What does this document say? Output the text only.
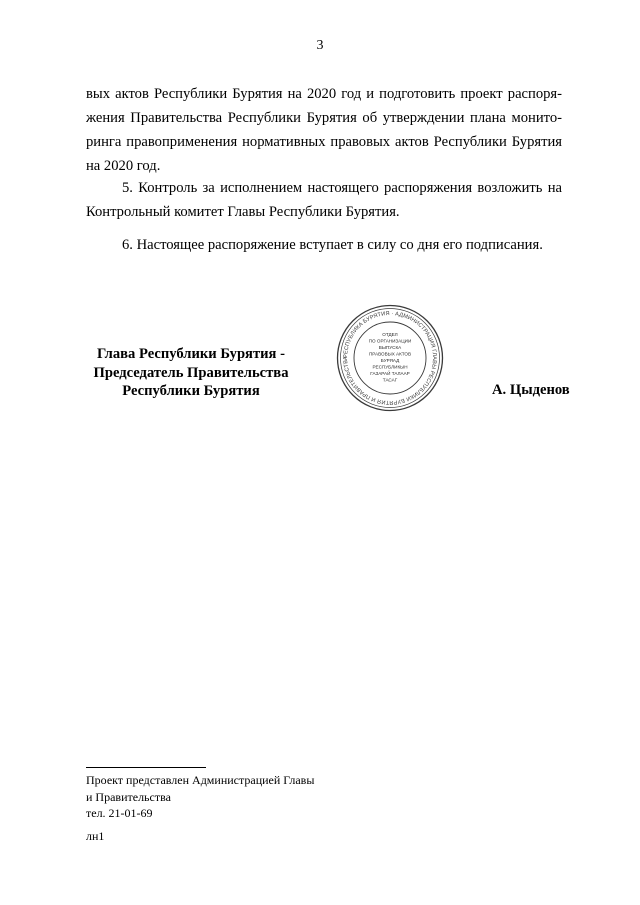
3
вых актов Республики Бурятия на 2020 год и подготовить проект распоря-
жения Правительства Республики Бурятия об утверждении плана монито-
ринга правоприменения нормативных правовых актов Республики Бурятия
на 2020 год.
5. Контроль за исполнением настоящего распоряжения возложить на Контрольный комитет Главы Республики Бурятия.
6. Настоящее распоряжение вступает в силу со дня его подписания.
Глава Республики Бурятия -
Председатель Правительства
Республики Бурятия
РЕСПУБЛИКА БУРЯТИЯ · АДМИНИСТРАЦИЯ ГЛАВЫ РЕСПУБЛИКИ БУРЯТИЯ И ПРАВИТЕЛЬСТВА
ОТДЕЛ
ПО ОРГАНИЗАЦИИ
ВЫПУСКА
ПРАВОВЫХ АКТОВ
БУРЯАД
РЕСПУБЛИКЫН
ГАЗАРАЙ ТАЛААР
ТАСАГ
А. Цыденов
Проект представлен Администрацией Главы
и Правительства
тел. 21-01-69
лн1
